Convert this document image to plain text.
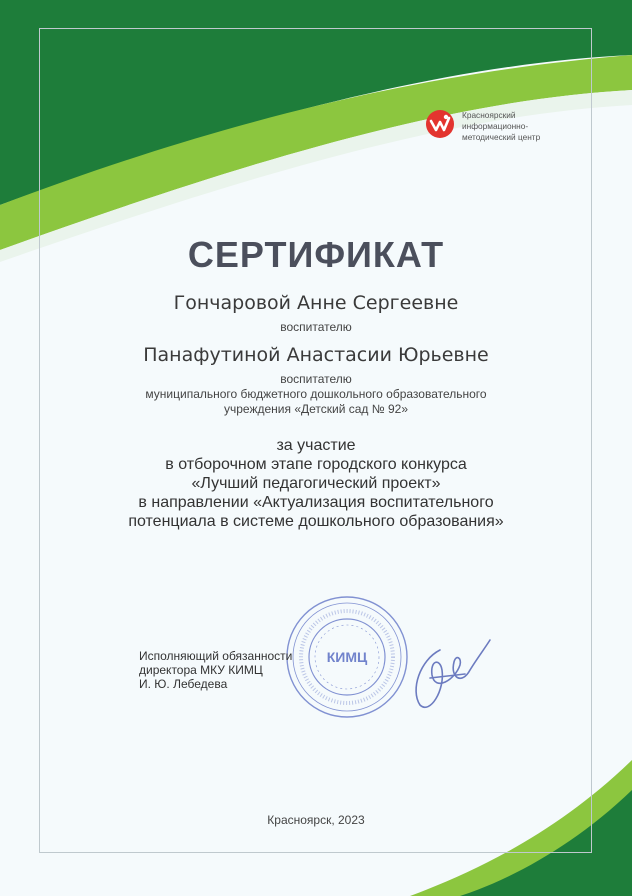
Красноярский
информационно-
методический центр
СЕРТИФИКАТ
Гончаровой Анне Сергеевне
воспитателю
Панафутиной Анастасии Юрьевне
воспитателю
муниципального бюджетного дошкольного образовательного
учреждения «Детский сад № 92»
за участие
в отборочном этапе городского конкурса
«Лучший педагогический проект»
в направлении «Актуализация воспитательного
потенциала в системе дошкольного образования»
КИМЦ
Исполняющий обязанности
директора МКУ КИМЦ
И. Ю. Лебедева
Красноярск, 2023
